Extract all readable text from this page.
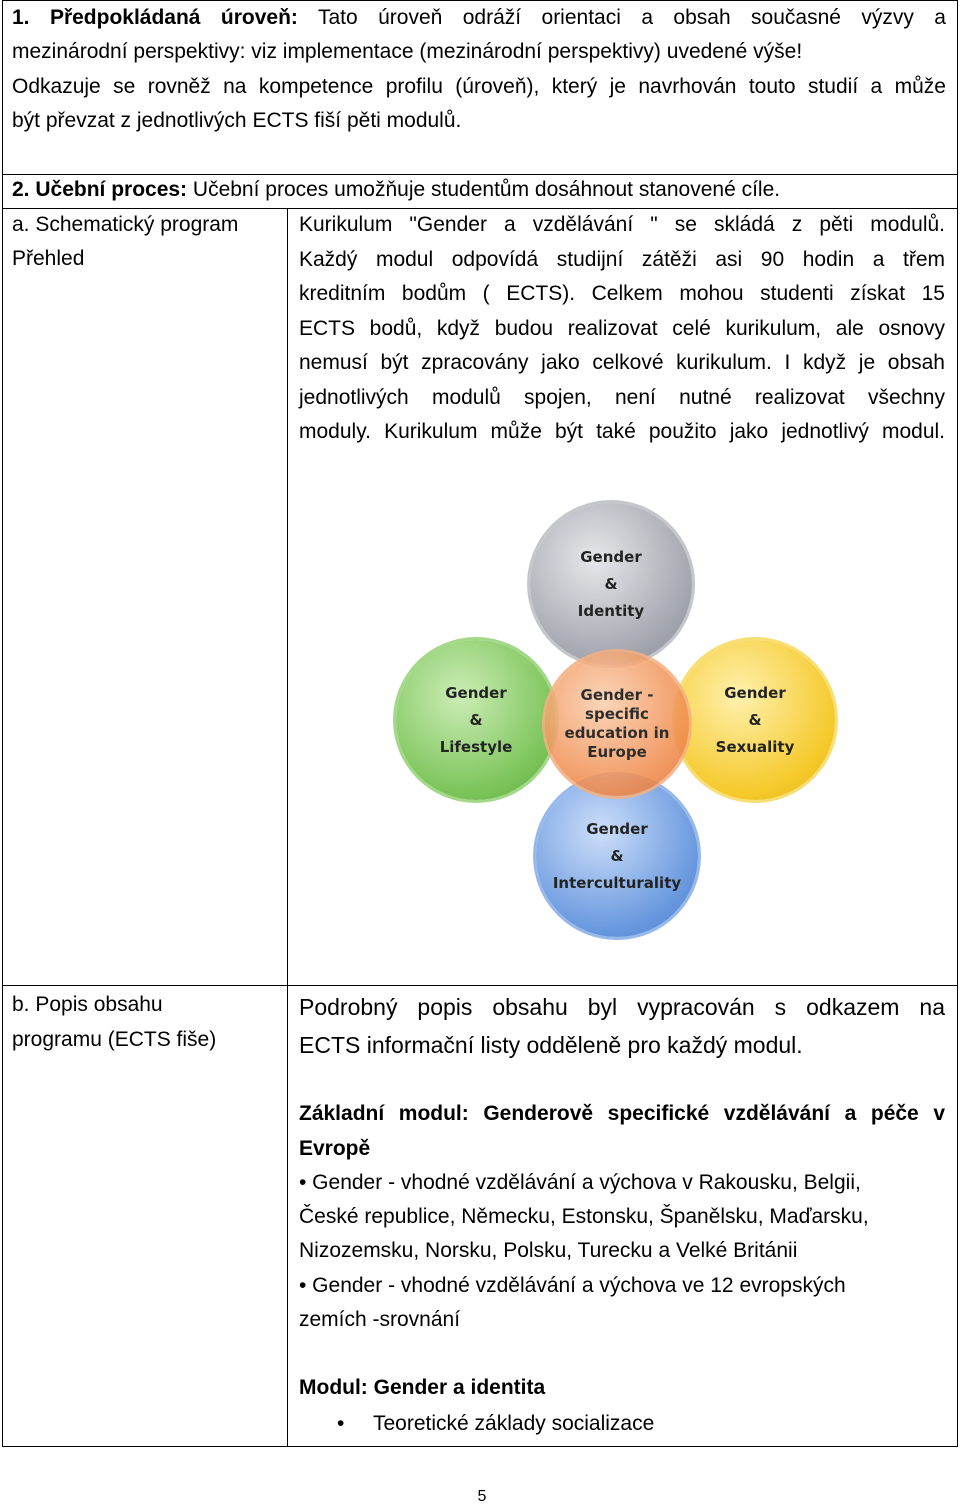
1. Předpokládaná úroveň: Tato úroveň odráží orientaci a obsah současné výzvy a
mezinárodní perspektivy: viz implementace (mezinárodní perspektivy) uvedené výše!
Odkazuje se rovněž na kompetence profilu (úroveň), který je navrhován touto studií a může
být převzat z jednotlivých ECTS fiší pěti modulů.
2. Učební proces: Učební proces umožňuje studentům dosáhnout stanovené cíle.
a. Schematický program
Přehled
Kurikulum "Gender a vzdělávání " se skládá z pěti modulů.
Každý modul odpovídá studijní zátěži asi 90 hodin a třem
kreditním bodům ( ECTS). Celkem mohou studenti získat 15
ECTS bodů, když budou realizovat celé kurikulum, ale osnovy
nemusí být zpracovány jako celkové kurikulum. I když je obsah
jednotlivých modulů spojen, není nutné realizovat všechny
moduly. Kurikulum může být také použito jako jednotlivý modul.
Gender
&
Identity
Gender
&
Lifestyle
Gender
&
Sexuality
Gender
&
Interculturality
Gender -
specific
education in
Europe
b. Popis obsahu
programu (ECTS fiše)
Podrobný popis obsahu byl vypracován s odkazem na
ECTS informační listy odděleně pro každý modul.
Základní modul: Genderově specifické vzdělávání a péče v
Evropě
• Gender - vhodné vzdělávání a výchova v Rakousku, Belgii,
České republice, Německu, Estonsku, Španělsku, Maďarsku,
Nizozemsku, Norsku, Polsku, Turecku a Velké Británii
• Gender - vhodné vzdělávání a výchova ve 12 evropských
zemích -srovnání
Modul: Gender a identita
• Teoretické základy socializace
5
